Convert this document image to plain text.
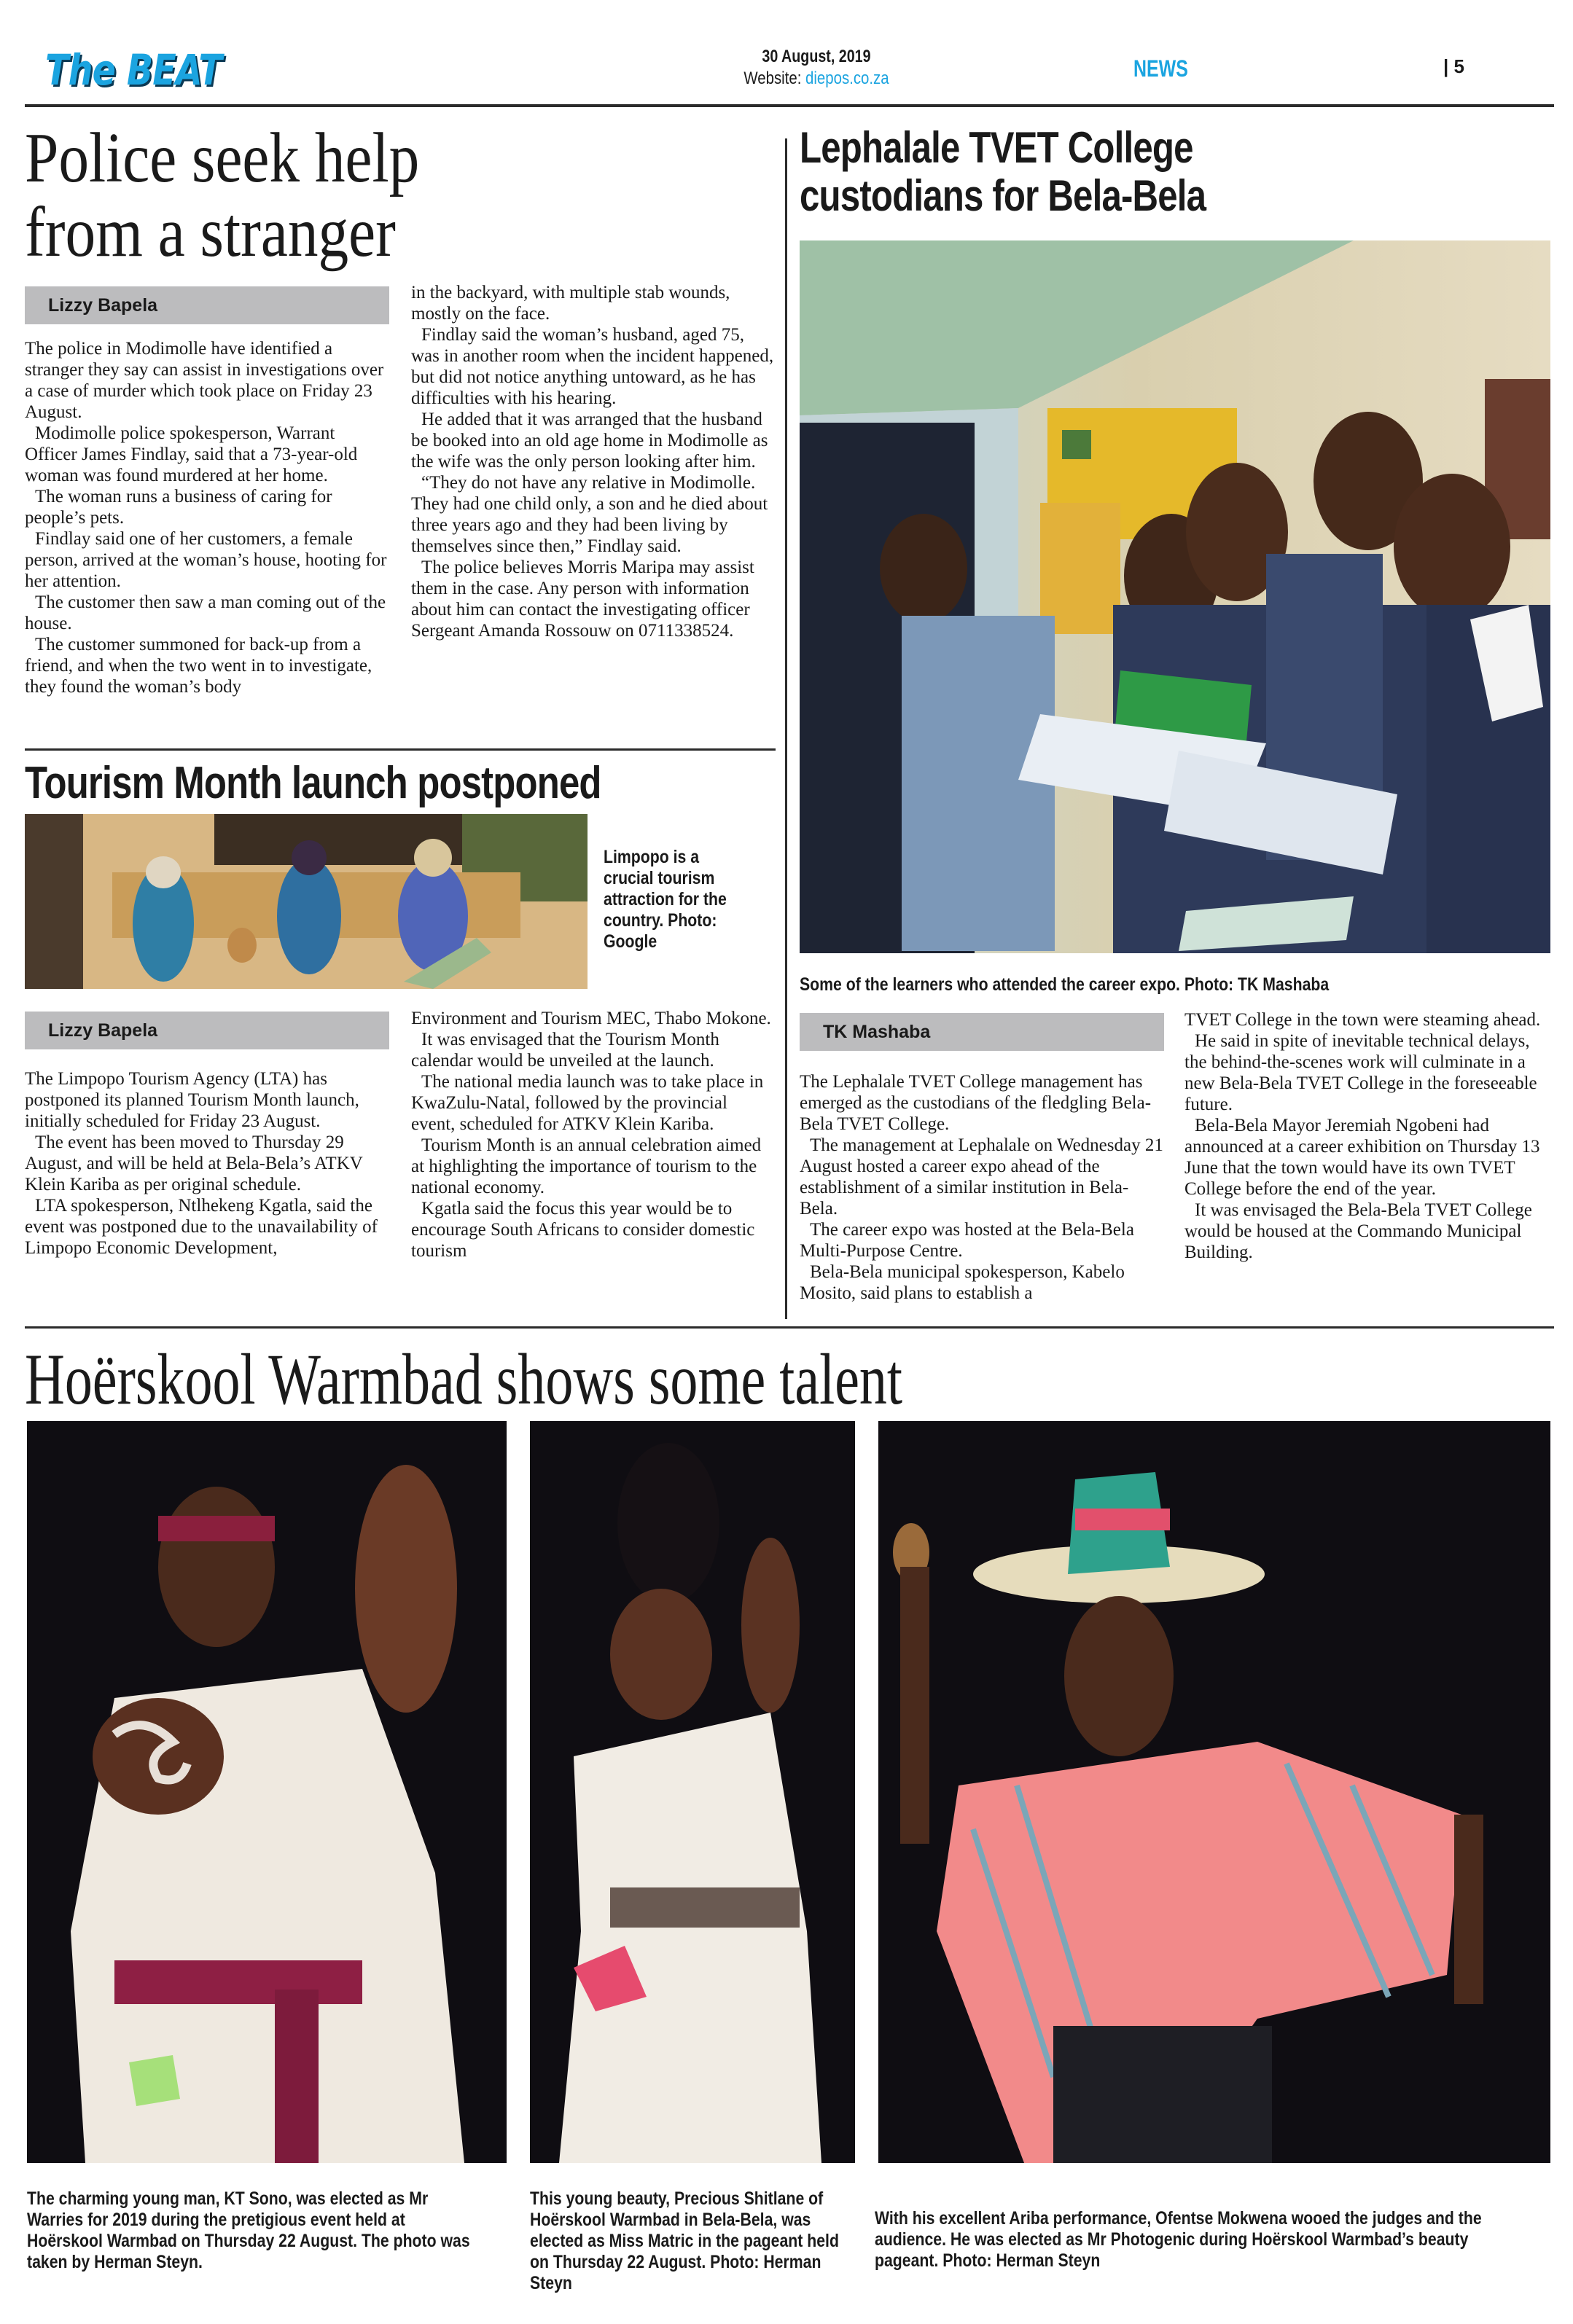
The BEAT	30 August, 2019
Website: diepos.co.za	NEWS	| 5
Police seek help
from a stranger
Lizzy Bapela

The police in Modimolle have identified a stranger they say can assist in investigations over a case of murder which took place on Friday 23 August.

Modimolle police spokesperson, Warrant Officer James Findlay, said that a 73-year-old woman was found murdered at her home.

The woman runs a business of caring for people’s pets.

Findlay said one of her customers, a female person, arrived at the woman’s house, hooting for her attention.

The customer then saw a man coming out of the house.

The customer summoned for back-up from a friend, and when the two went in to investigate, they found the woman’s body

in the backyard, with multiple stab wounds, mostly on the face.

Findlay said the woman’s husband, aged 75, was in another room when the incident happened, but did not notice anything untoward, as he has difficulties with his hearing.

He added that it was arranged that the husband be booked into an old age home in Modimolle as the wife was the only person looking after him.

“They do not have any relative in Modimolle. They had one child only, a son and he died about three years ago and they had been living by themselves since then,” Findlay said.

The police believes Morris Maripa may assist them in the case. Any person with information about him can contact the investigating officer Sergeant Amanda Rossouw on 0711338524.

Lephalale TVET College
custodians for Bela-Bela
Some of the learners who attended the career expo. Photo: TK Mashaba
TK Mashaba

The Lephalale TVET College management has emerged as the custodians of the fledgling Bela-Bela TVET College.

The management at Lephalale on Wednesday 21 August hosted a career expo ahead of the establishment of a similar institution in Bela-Bela.

The career expo was hosted at the Bela-Bela Multi-Purpose Centre.

Bela-Bela municipal spokesperson, Kabelo Mosito, said plans to establish a

TVET College in the town were steaming ahead.

He said in spite of inevitable technical delays, the behind-the-scenes work will culminate in a new Bela-Bela TVET College in the foreseeable future.

Bela-Bela Mayor Jeremiah Ngobeni had announced at a career exhibition on Thursday 13 June that the town would have its own TVET College before the end of the year.

It was envisaged the Bela-Bela TVET College would be housed at the Commando Municipal Building.

Tourism Month launch postponed
Limpopo is a crucial tourism attraction for the country. Photo: Google
Lizzy Bapela

The Limpopo Tourism Agency (LTA) has postponed its planned Tourism Month launch, initially scheduled for Friday 23 August.

The event has been moved to Thursday 29 August, and will be held at Bela-Bela’s ATKV Klein Kariba as per original schedule.

LTA spokesperson, Ntlhekeng Kgatla, said the event was postponed due to the unavailability of Limpopo Economic Development,

Environment and Tourism MEC, Thabo Mokone.

It was envisaged that the Tourism Month calendar would be unveiled at the launch.

The national media launch was to take place in KwaZulu-Natal, followed by the provincial event, scheduled for ATKV Klein Kariba.

Tourism Month is an annual celebration aimed at highlighting the importance of tourism to the national economy.

Kgatla said the focus this year would be to encourage South Africans to consider domestic tourism

Hoërskool Warmbad shows some talent
The charming young man, KT Sono, was elected as Mr Warries for 2019 during the pretigious event held at Hoërskool Warmbad on Thursday 22 August. The photo was taken by Herman Steyn.
This young beauty, Precious Shitlane of Hoërskool Warmbad in Bela-Bela, was elected as Miss Matric in the pageant held on Thursday 22 August. Photo: Herman Steyn
With his excellent Ariba performance, Ofentse Mokwena wooed the judges and the audience. He was elected as Mr Photogenic during Hoërskool Warmbad’s beauty pageant. Photo: Herman Steyn
